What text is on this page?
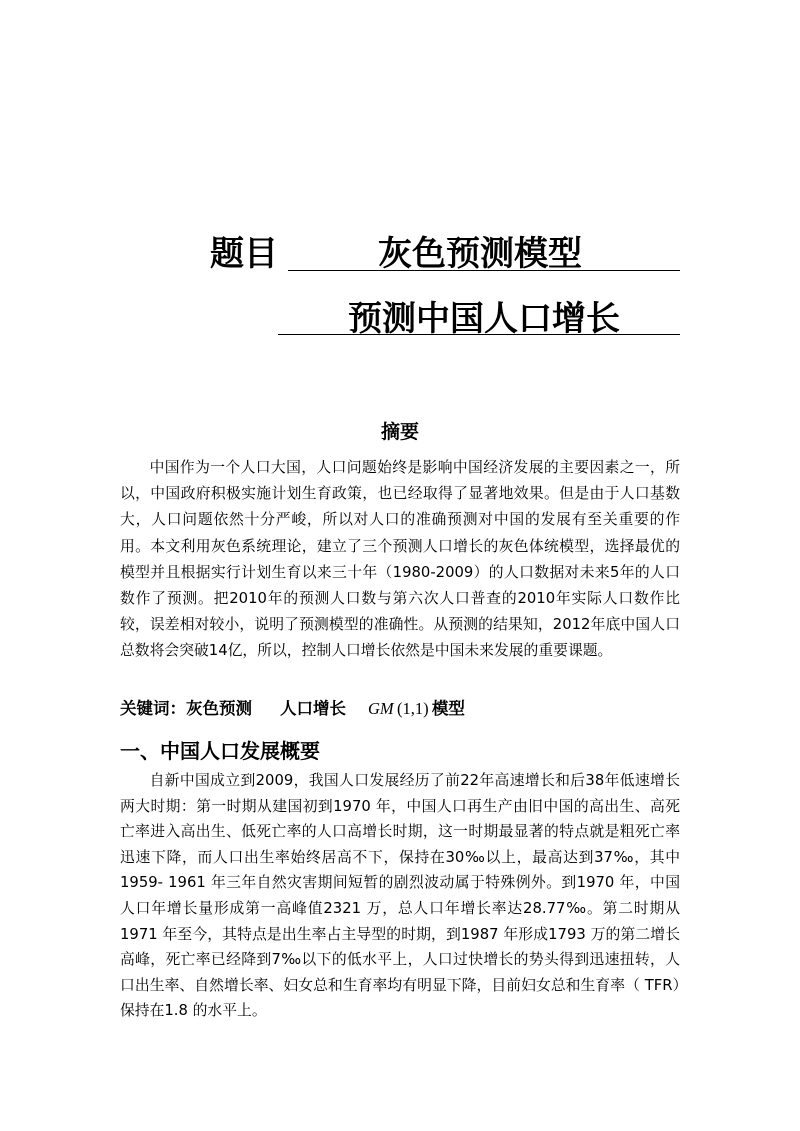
题目	灰色预测模型
预测中国人口增长
摘要

中国作为一个人口大国，人口问题始终是影响中国经济发展的主要因素之一，所以，中国政府积极实施计划生育政策，也已经取得了显著地效果。但是由于人口基数大，人口问题依然十分严峻，所以对人口的准确预测对中国的发展有至关重要的作用。本文利用灰色系统理论，建立了三个预测人口增长的灰色体统模型，选择最优的模型并且根据实行计划生育以来三十年（1980-2009）的人口数据对未来5年的人口数作了预测。把2010年的预测人口数与第六次人口普查的2010年实际人口数作比较，误差相对较小，说明了预测模型的准确性。从预测的结果知，2012年底中国人口总数将会突破14亿，所以，控制人口增长依然是中国未来发展的重要课题。

关键词：灰色预测 人口增长 GM  (1,1)  模型
一、中国人口发展概要

自新中国成立到2009，我国人口发展经历了前22年高速增长和后38年低速增长两大时期：第一时期从建国初到1970 年，中国人口再生产由旧中国的高出生、高死亡率进入高出生、低死亡率的人口高增长时期，这一时期最显著的特点就是粗死亡率迅速下降，而人口出生率始终居高不下，保持在30‰以上，最高达到37‰，其中1959- 1961 年三年自然灾害期间短暂的剧烈波动属于特殊例外。到1970 年，中国人口年增长量形成第一高峰值2321 万，总人口年增长率达28.77‰。第二时期从1971 年至今，其特点是出生率占主导型的时期，到1987 年形成1793 万的第二增长高峰，死亡率已经降到7‰以下的低水平上，人口过快增长的势头得到迅速扭转，人口出生率、自然增长率、妇女总和生育率均有明显下降，目前妇女总和生育率（ TFR）保持在1.8 的水平上。
